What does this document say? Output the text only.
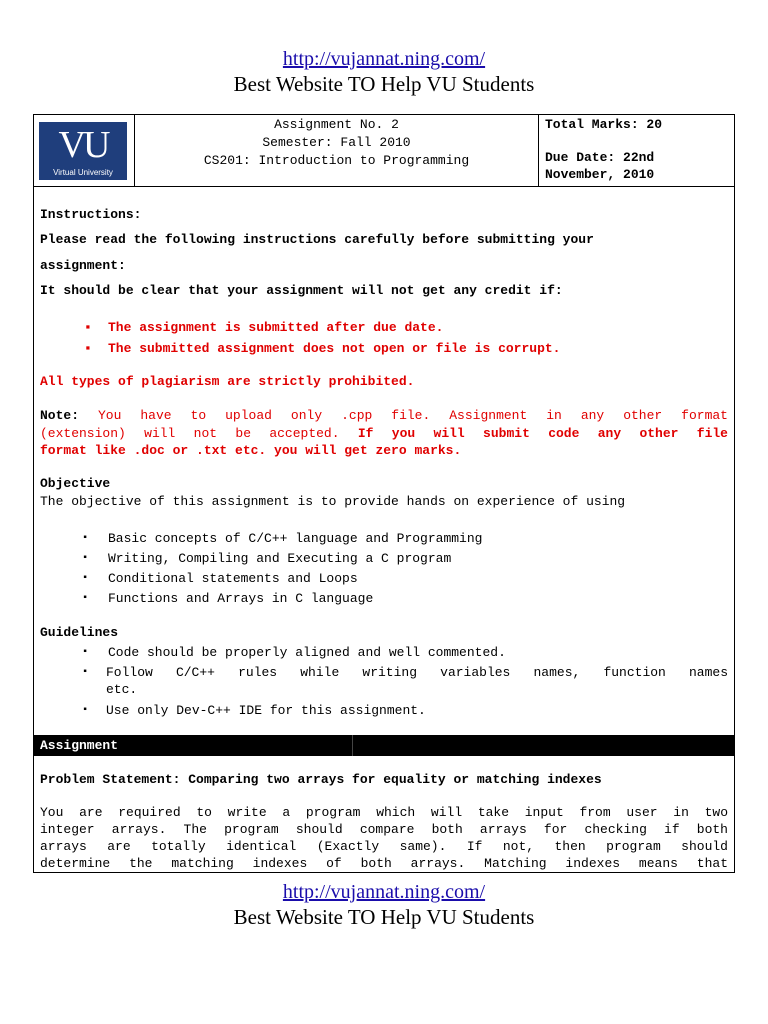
http://vujannat.ning.com/
Best Website TO Help VU Students
VU
Virtual University
Assignment No. 2
Semester: Fall 2010
CS201: Introduction to Programming
Total Marks: 20
Due Date: 22nd
November, 2010
Instructions:
Please read the following instructions carefully before submitting your
assignment:
It should be clear that your assignment will not get any credit if:
▪ The assignment is submitted after due date.
▪ The submitted assignment does not open or file is corrupt.
All types of plagiarism are strictly prohibited.
Note: You have to upload only .cpp file. Assignment in any other format
(extension) will not be accepted. If you will submit code any other file
format like .doc or .txt etc. you will get zero marks.
Objective
The objective of this assignment is to provide hands on experience of using
▪ Basic concepts of C/C++ language and Programming
▪ Writing, Compiling and Executing a C program
▪ Conditional statements and Loops
▪ Functions and Arrays in C language
Guidelines
▪ Code should be properly aligned and well commented.
▪ Follow C/C++ rules while writing variables names, function names
etc.
▪ Use only Dev-C++ IDE for this assignment.
Assignment
Problem Statement: Comparing two arrays for equality or matching indexes
You are required to write a program which will take input from user in two
integer arrays. The program should compare both arrays for checking if both
arrays are totally identical (Exactly same). If not, then program should
determine the matching indexes of both arrays. Matching indexes means that
http://vujannat.ning.com/
Best Website TO Help VU Students
